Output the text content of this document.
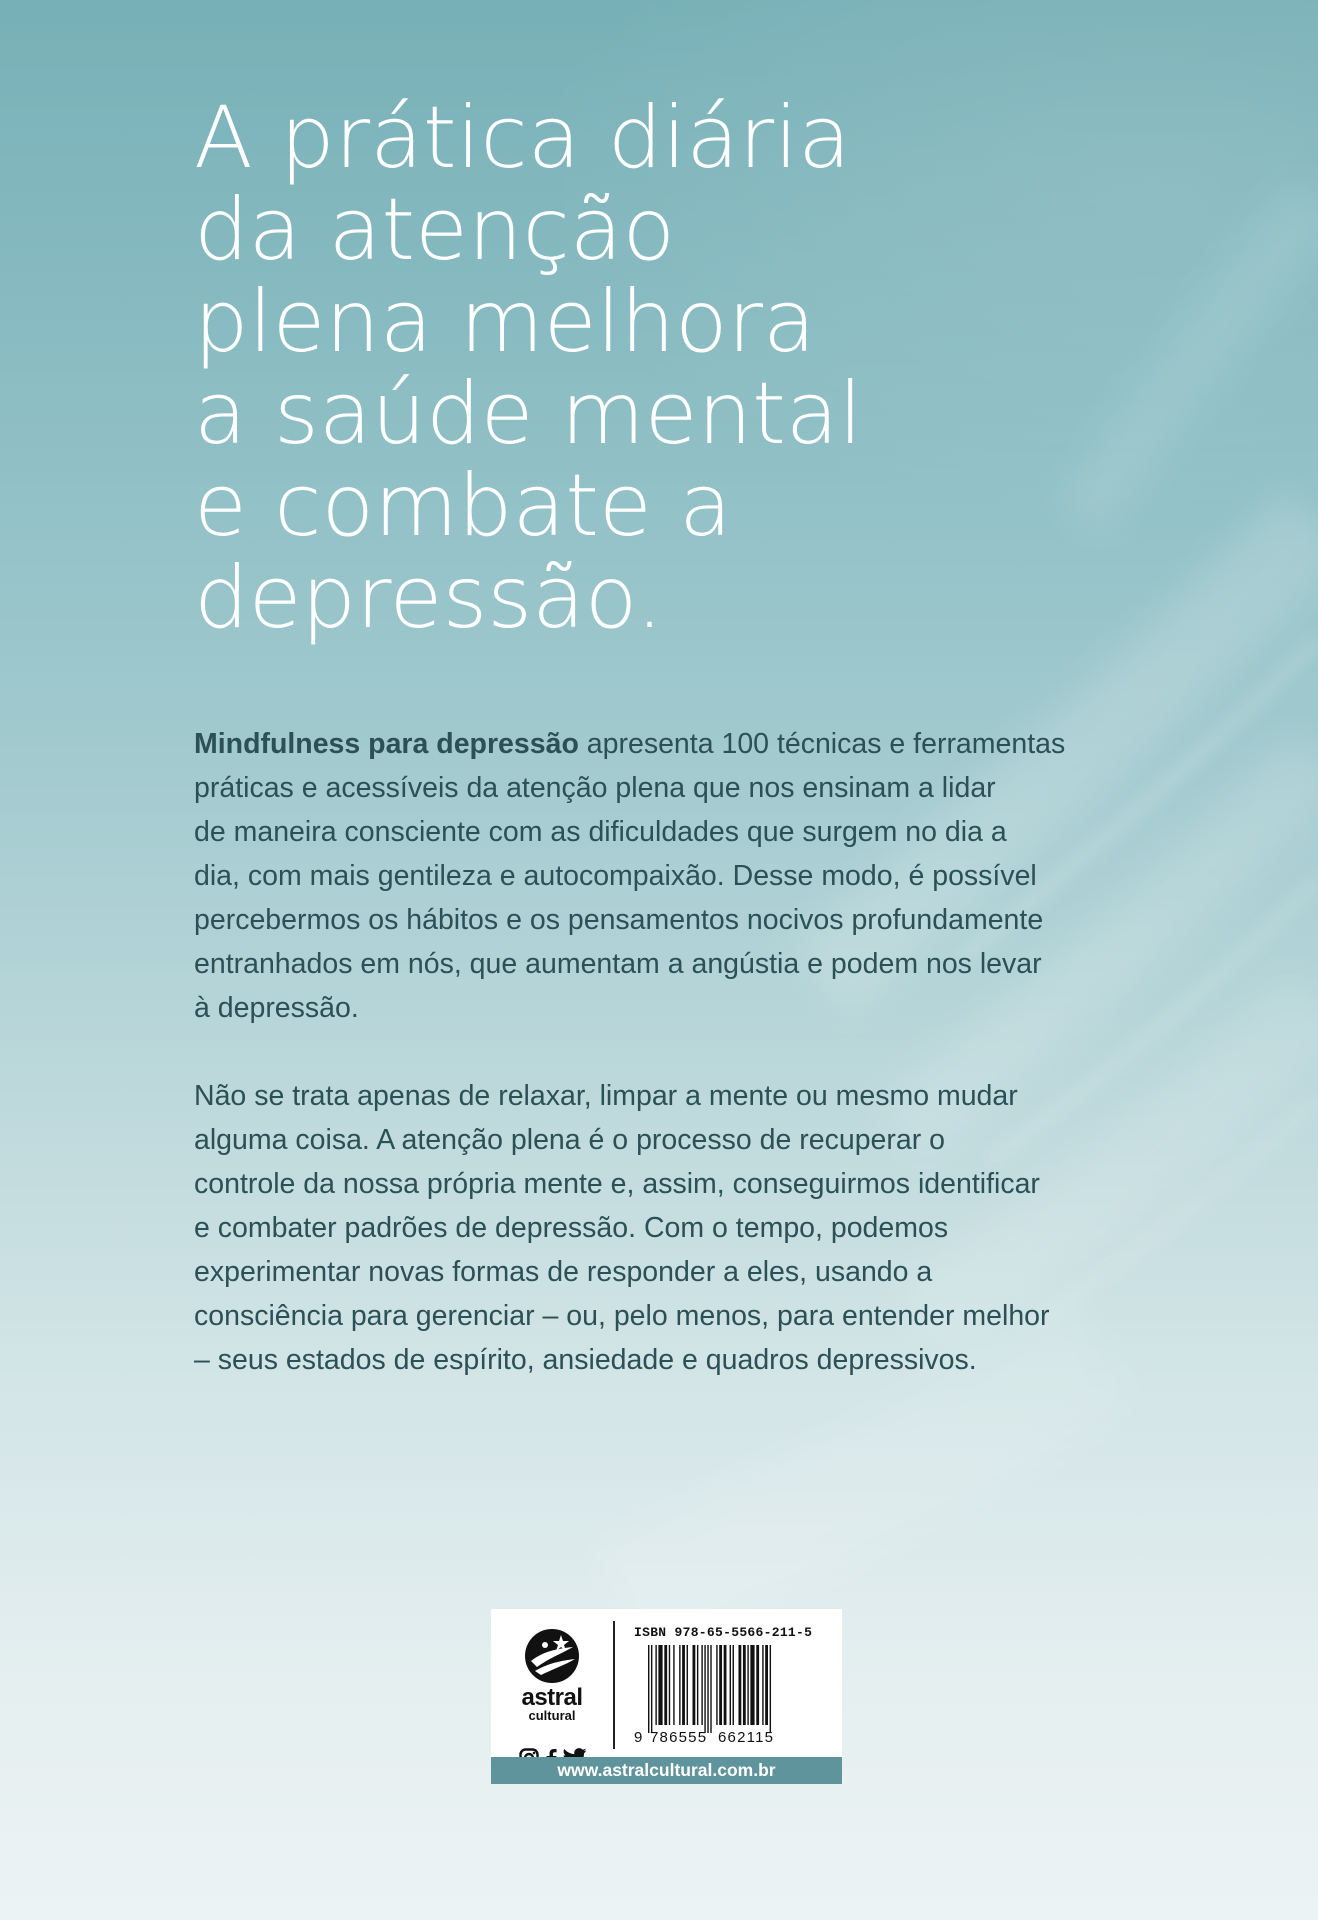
A prática diária
da atenção
plena melhora
a saúde mental
e combate a
depressão.

Mindfulness para depressão apresenta 100 técnicas e ferramentas
práticas e acessíveis da atenção plena que nos ensinam a lidar
de maneira consciente com as dificuldades que surgem no dia a
dia, com mais gentileza e autocompaixão. Desse modo, é possível
percebermos os hábitos e os pensamentos nocivos profundamente
entranhados em nós, que aumentam a angústia e podem nos levar
à depressão.

Não se trata apenas de relaxar, limpar a mente ou mesmo mudar
alguma coisa. A atenção plena é o processo de recuperar o
controle da nossa própria mente e, assim, conseguirmos identificar
e combater padrões de depressão. Com o tempo, podemos
experimentar novas formas de responder a eles, usando a
consciência para gerenciar – ou, pelo menos, para entender melhor
– seus estados de espírito, ansiedade e quadros depressivos.

astral
cultural
ISBN 978-65-5566-211-5
9 786555 662115
www.astralcultural.com.br
